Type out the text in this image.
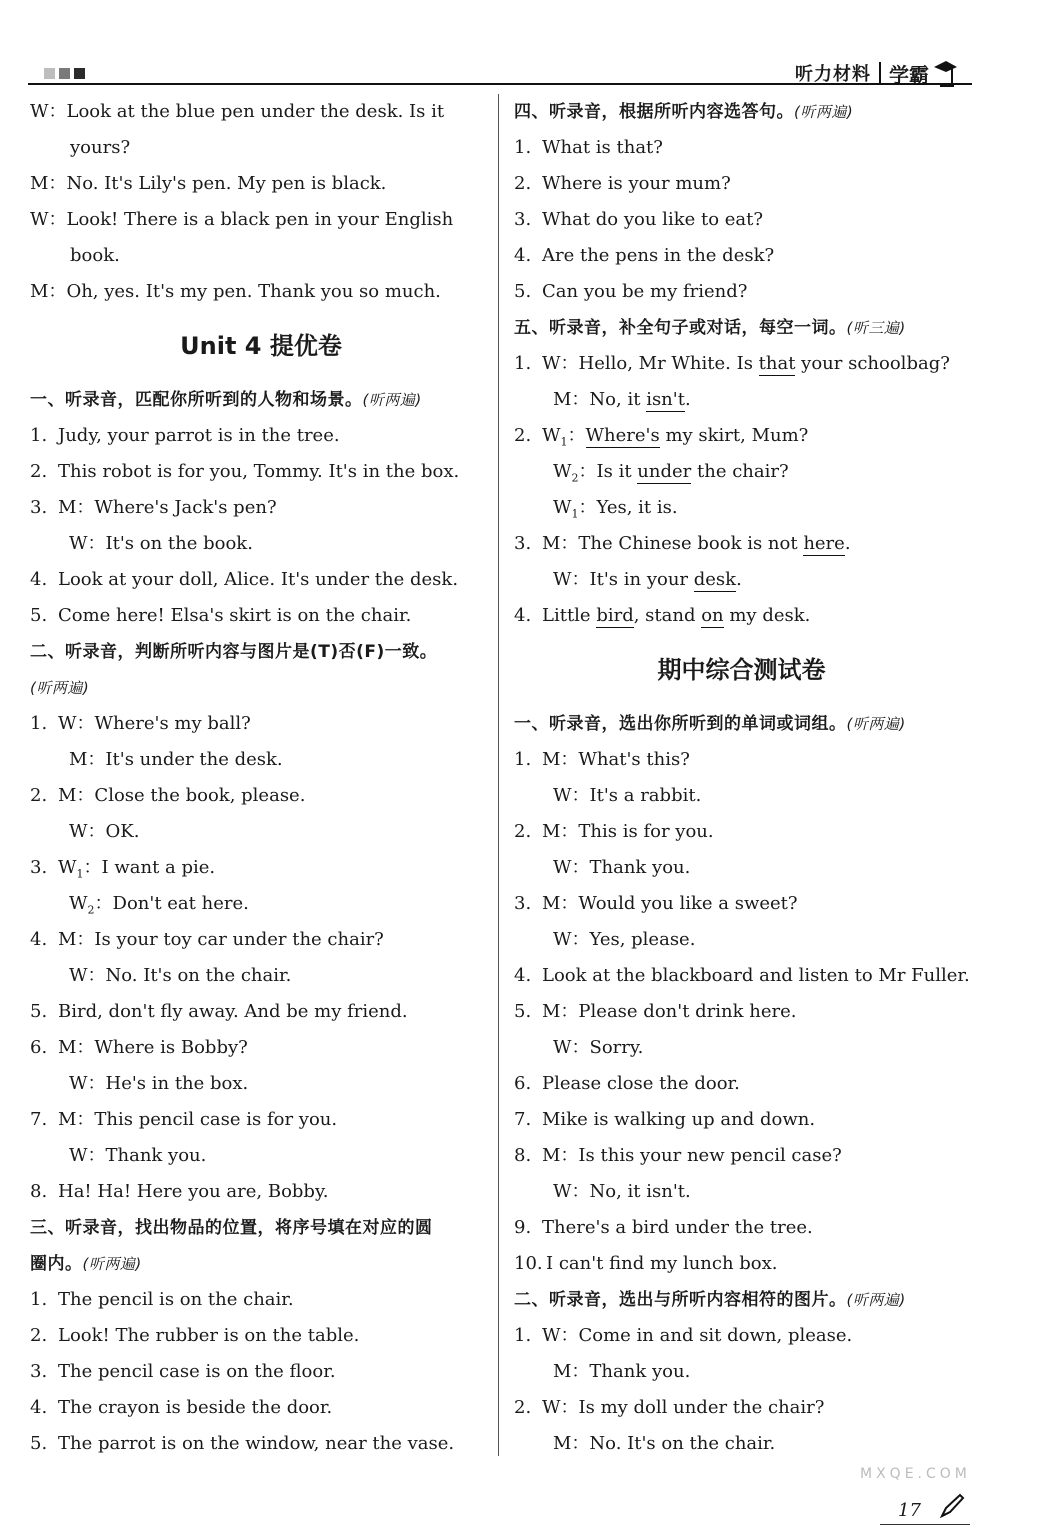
听力材料 学霸
W：Look at the blue pen under the desk. Is it
yours?
M：No. It's Lily's pen. My pen is black.
W：Look! There is a black pen in your English
book.
M：Oh, yes. It's my pen. Thank you so much.
Unit 4 提优卷
一、听录音，匹配你所听到的人物和场景。(听两遍)
1. Judy, your parrot is in the tree.
2. This robot is for you, Tommy. It's in the box.
3. M：Where's Jack's pen?
W：It's on the book.
4. Look at your doll, Alice. It's under the desk.
5. Come here! Elsa's skirt is on the chair.
二、听录音，判断所听内容与图片是(T)否(F)一致。
(听两遍)
1. W：Where's my ball?
M：It's under the desk.
2. M：Close the book, please.
W：OK.
3. $W_1$：I want a pie.
$W_2$：Don't eat here.
4. M：Is your toy car under the chair?
W：No. It's on the chair.
5. Bird, don't fly away. And be my friend.
6. M：Where is Bobby?
W：He's in the box.
7. M：This pencil case is for you.
W：Thank you.
8. Ha! Ha! Here you are, Bobby.
三、听录音，找出物品的位置，将序号填在对应的圆
圈内。(听两遍)
1. The pencil is on the chair.
2. Look! The rubber is on the table.
3. The pencil case is on the floor.
4. The crayon is beside the door.
5. The parrot is on the window, near the vase.
四、听录音，根据所听内容选答句。(听两遍)
1. What is that?
2. Where is your mum?
3. What do you like to eat?
4. Are the pens in the desk?
5. Can you be my friend?
五、听录音，补全句子或对话，每空一词。(听三遍)
1. W：Hello, Mr White. Is that your schoolbag?
M：No, it isn't.
2. $W_1$：Where's my skirt, Mum?
$W_2$：Is it under the chair?
$W_1$：Yes, it is.
3. M：The Chinese book is not here.
W：It's in your desk.
4. Little bird, stand on my desk.
期中综合测试卷
一、听录音，选出你所听到的单词或词组。(听两遍)
1. M：What's this?
W：It's a rabbit.
2. M：This is for you.
W：Thank you.
3. M：Would you like a sweet?
W：Yes, please.
4. Look at the blackboard and listen to Mr Fuller.
5. M：Please don't drink here.
W：Sorry.
6. Please close the door.
7. Mike is walking up and down.
8. M：Is this your new pencil case?
W：No, it isn't.
9. There's a bird under the tree.
10. I can't find my lunch box.
二、听录音，选出与所听内容相符的图片。(听两遍)
1. W：Come in and sit down, please.
M：Thank you.
2. W：Is my doll under the chair?
M：No. It's on the chair.
MXQE.COM
17
